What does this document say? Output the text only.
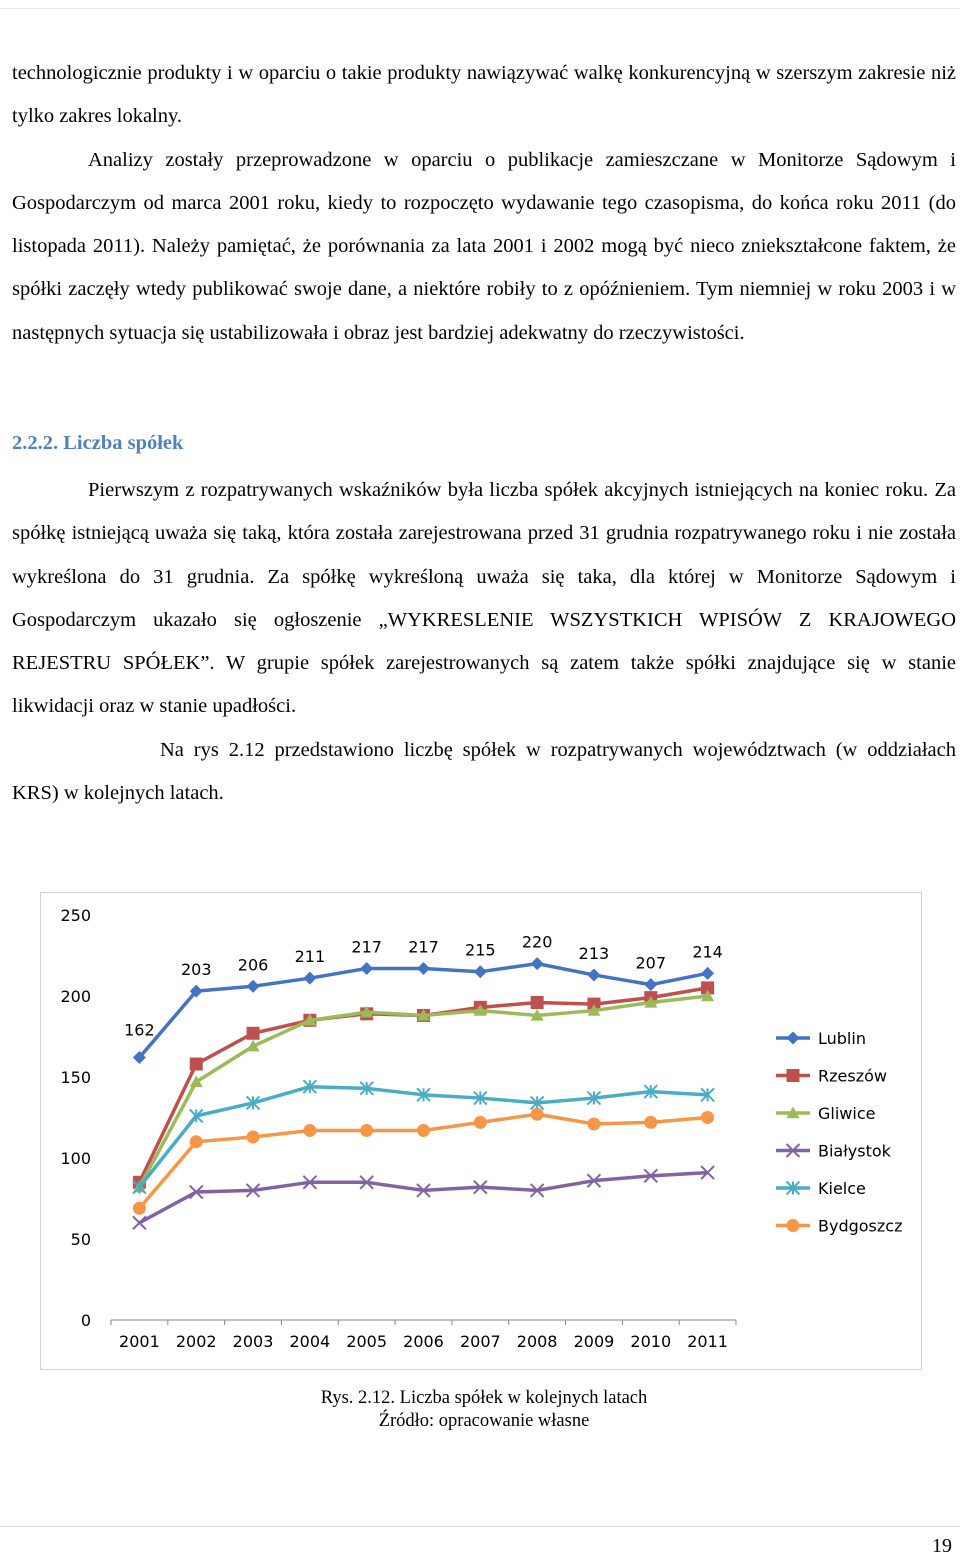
technologicznie produkty i w oparciu o takie produkty nawiązywać walkę konkurencyjną w szerszym zakresie niż tylko zakres lokalny.

Analizy zostały przeprowadzone w oparciu o publikacje zamieszczane w Monitorze Sądowym i Gospodarczym od marca 2001 roku, kiedy to rozpoczęto wydawanie tego czasopisma, do końca roku 2011 (do listopada 2011). Należy pamiętać, że porównania za lata 2001 i 2002 mogą być nieco zniekształcone faktem, że spółki zaczęły wtedy publikować swoje dane, a niektóre robiły to z opóźnieniem. Tym niemniej w roku 2003 i w następnych sytuacja się ustabilizowała i obraz jest bardziej adekwatny do rzeczywistości.

2.2.2. Liczba spółek

Pierwszym z rozpatrywanych wskaźników była liczba spółek akcyjnych istniejących na koniec roku. Za spółkę istniejącą uważa się taką, która została zarejestrowana przed 31 grudnia rozpatrywanego roku i nie została wykreślona do 31 grudnia. Za spółkę wykreśloną uważa się taka, dla której w Monitorze Sądowym i Gospodarczym ukazało się ogłoszenie „WYKRESLENIE WSZYSTKICH WPISÓW Z KRAJOWEGO REJESTRU SPÓŁEK”. W grupie spółek zarejestrowanych są zatem także spółki znajdujące się w stanie likwidacji oraz w stanie upadłości.

Na rys 2.12 przedstawiono liczbę spółek w rozpatrywanych województwach (w oddziałach KRS) w kolejnych latach.

2001 2002 2003 2004 2005 2006 2007 2008 2009 2010 2011
0
50
100
150
200
250
162
203 206 211
217 217 215 220
213
207
214
Lublin
Rzeszów
Gliwice
Białystok
Kielce
Bydgoszcz
Rys. 2.12. Liczba spółek w kolejnych latach
Źródło: opracowanie własne
19
